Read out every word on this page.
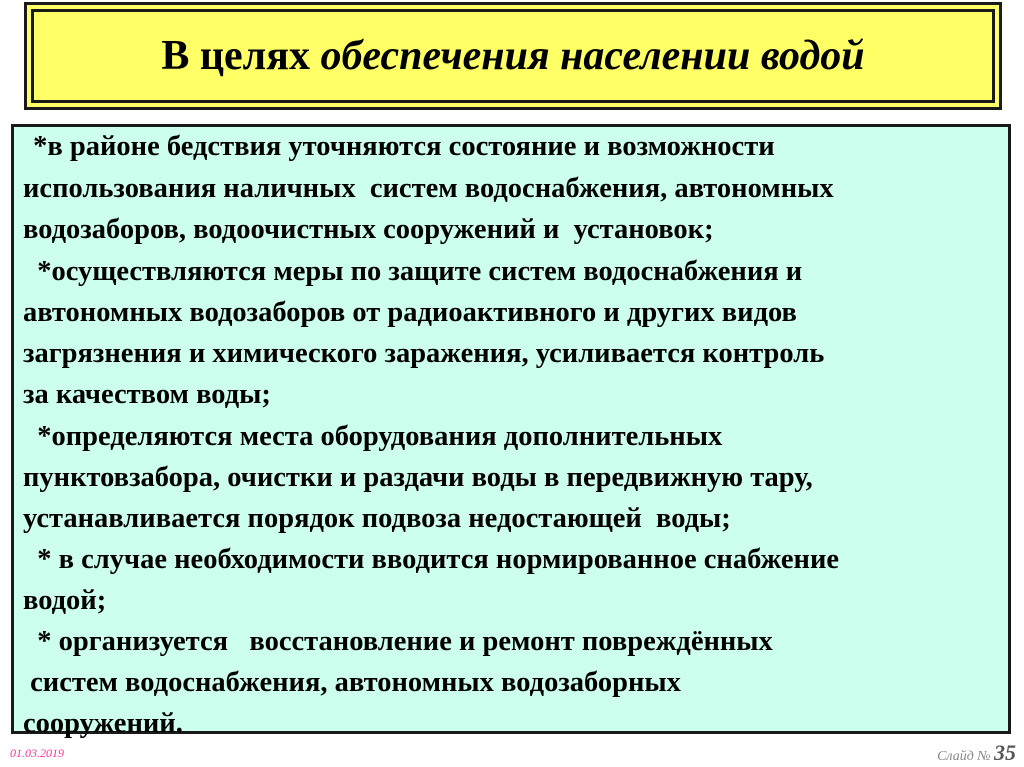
В целях обеспечения населении водой
*в районе бедствия уточняются состояние и возможности
использования наличных  систем водоснабжения, автономных
водозаборов, водоочистных сооружений и  установок;
*осуществляются меры по защите систем водоснабжения и
автономных водозаборов от радиоактивного и других видов
загрязнения и химического заражения, усиливается контроль
за качеством воды;
*определяются места оборудования дополнительных
пунктовзабора, очистки и раздачи воды в передвижную тару,
устанавливается порядок подвоза недостающей  воды;
* в случае необходимости вводится нормированное снабжение
водой;
* организуется   восстановление и ремонт повреждённых
систем водоснабжения, автономных водозаборных
сооружений.
01.03.2019	Слайд № 35
